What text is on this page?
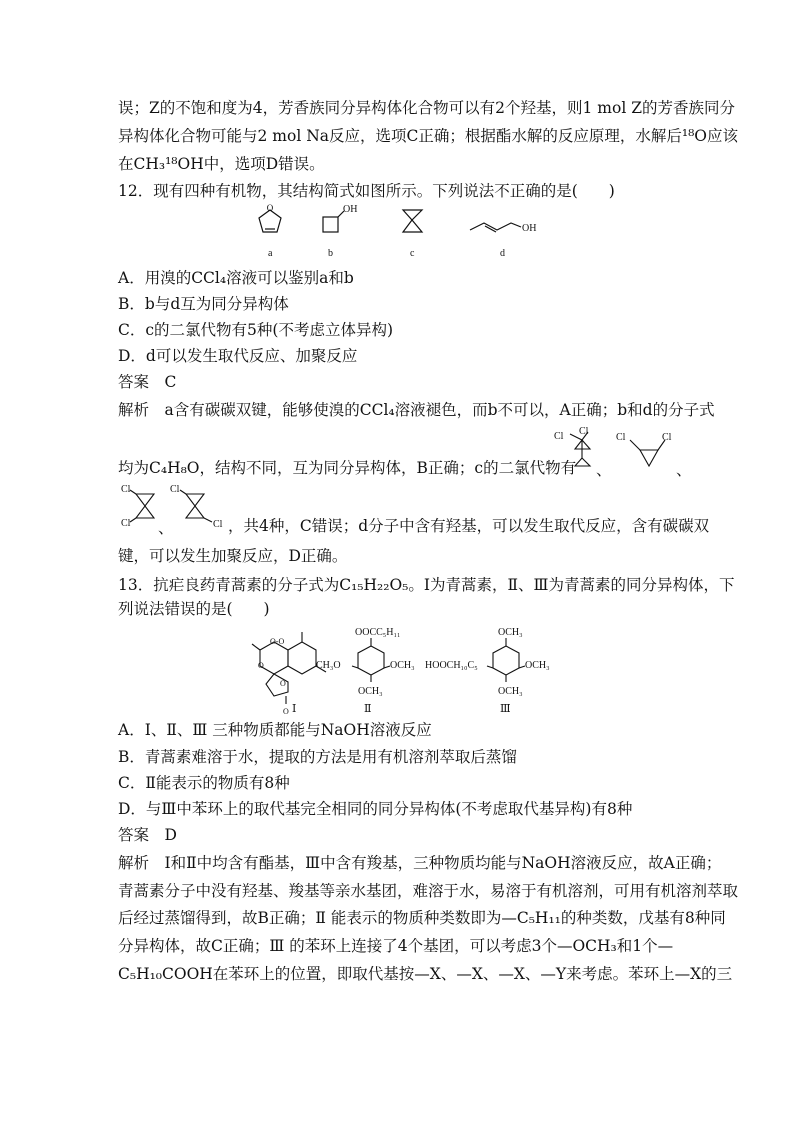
误；Z的不饱和度为4，芳香族同分异构体化合物可以有2个羟基，则1 mol Z的芳香族同分
异构体化合物可能与2 mol Na反应，选项C正确；根据酯水解的反应原理，水解后¹⁸O应该
在CH₃¹⁸OH中，选项D错误。
12．现有四种有机物，其结构简式如图所示。下列说法不正确的是(　　)
O	OH
OH
a	b	c	d
A．用溴的CCl₄溶液可以鉴别a和b
B．b与d互为同分异构体
C．c的二氯代物有5种(不考虑立体异构)
D．d可以发生取代反应、加聚反应
答案　C
解析　a含有碳碳双键，能够使溴的CCl₄溶液褪色，而b不可以，A正确；b和d的分子式
Cl Cl
Cl	Cl
均为C₄H₈O，结构不同，互为同分异构体，B正确；c的二氯代物有 、	、
Cl
Cl
Cl
Cl
、	，共4种，C错误；d分子中含有羟基，可以发生取代反应，含有碳碳双
键，可以发生加聚反应，D正确。
13．抗疟良药青蒿素的分子式为C₁₅H₂₂O₅。Ⅰ为青蒿素，Ⅱ、Ⅲ为青蒿素的同分异构体，下
列说法错误的是(　　)
O-O
O
O
O
OOCC₅H₁₁
CH₃O	OCH₃
OCH₃
OCH₃
HOOCH₁₀C₅	OCH₃
OCH₃
Ⅰ	Ⅱ	Ⅲ
A．Ⅰ、Ⅱ、Ⅲ 三种物质都能与NaOH溶液反应
B．青蒿素难溶于水，提取的方法是用有机溶剂萃取后蒸馏
C．Ⅱ能表示的物质有8种
D．与Ⅲ中苯环上的取代基完全相同的同分异构体(不考虑取代基异构)有8种
答案　D
解析　Ⅰ和Ⅱ中均含有酯基，Ⅲ中含有羧基，三种物质均能与NaOH溶液反应，故A正确；
青蒿素分子中没有羟基、羧基等亲水基团，难溶于水，易溶于有机溶剂，可用有机溶剂萃取
后经过蒸馏得到，故B正确；Ⅱ 能表示的物质种类数即为—C₅H₁₁的种类数，戊基有8种同
分异构体，故C正确；Ⅲ 的苯环上连接了4个基团，可以考虑3个—OCH₃和1个—
C₅H₁₀COOH在苯环上的位置，即取代基按—X、—X、—X、—Y来考虑。苯环上—X的三
